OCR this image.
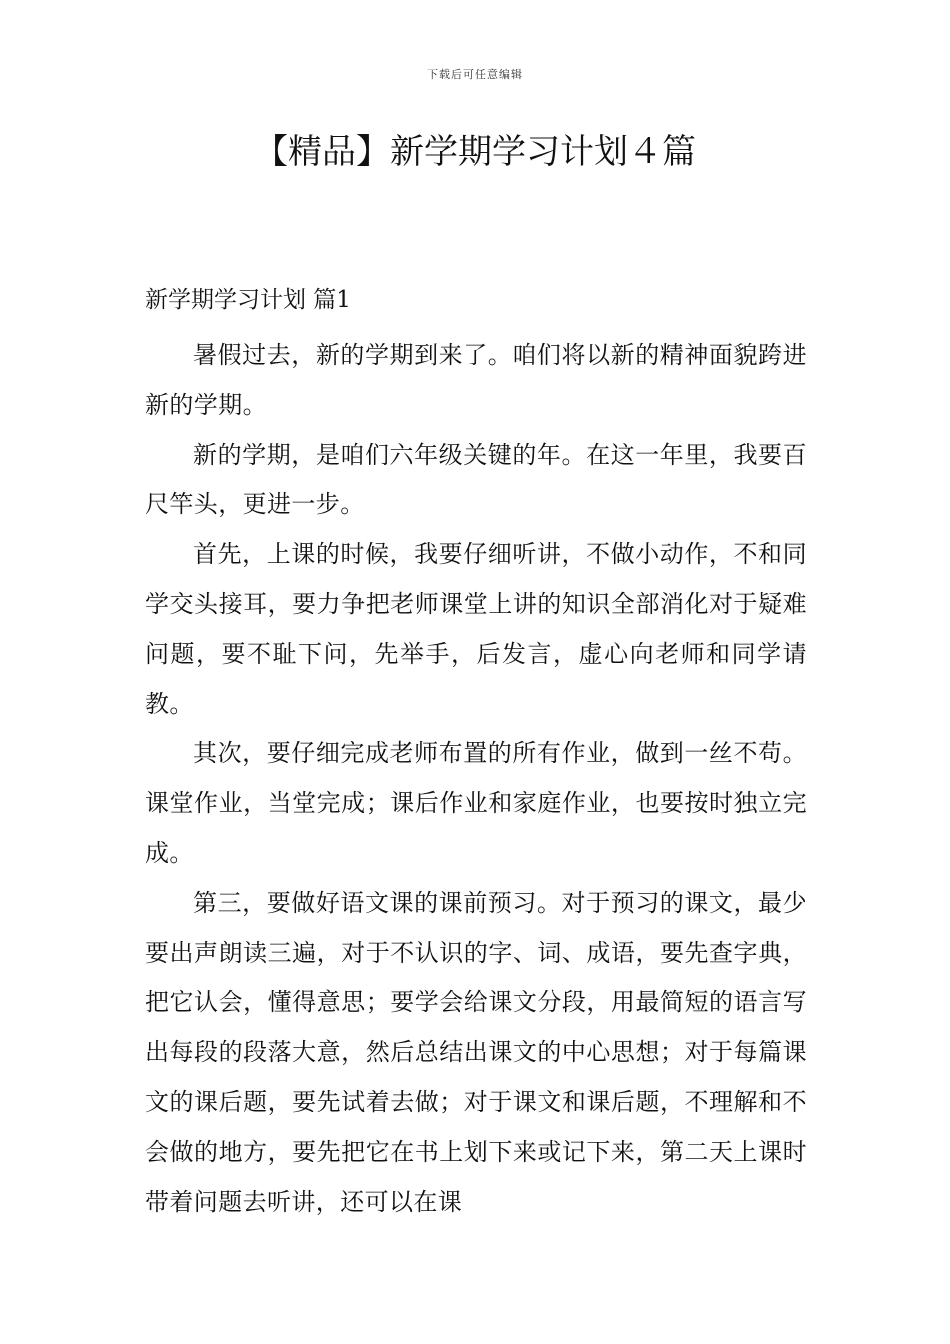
下载后可任意编辑
【精品】新学期学习计划４篇
新学期学习计划 篇1

暑假过去，新的学期到来了。咱们将以新的精神面貌跨进新的学期。

新的学期，是咱们六年级关键的年。在这一年里，我要百尺竿头，更进一步。

首先，上课的时候，我要仔细听讲，不做小动作，不和同学交头接耳，要力争把老师课堂上讲的知识全部消化对于疑难问题，要不耻下问，先举手，后发言，虚心向老师和同学请教。

其次，要仔细完成老师布置的所有作业，做到一丝不苟。课堂作业，当堂完成；课后作业和家庭作业，也要按时独立完成。

第三，要做好语文课的课前预习。对于预习的课文，最少要出声朗读三遍，对于不认识的字、词、成语，要先查字典，把它认会，懂得意思；要学会给课文分段，用最简短的语言写出每段的段落大意，然后总结出课文的中心思想；对于每篇课文的课后题，要先试着去做；对于课文和课后题，不理解和不会做的地方，要先把它在书上划下来或记下来，第二天上课时带着问题去听讲，还可以在课
